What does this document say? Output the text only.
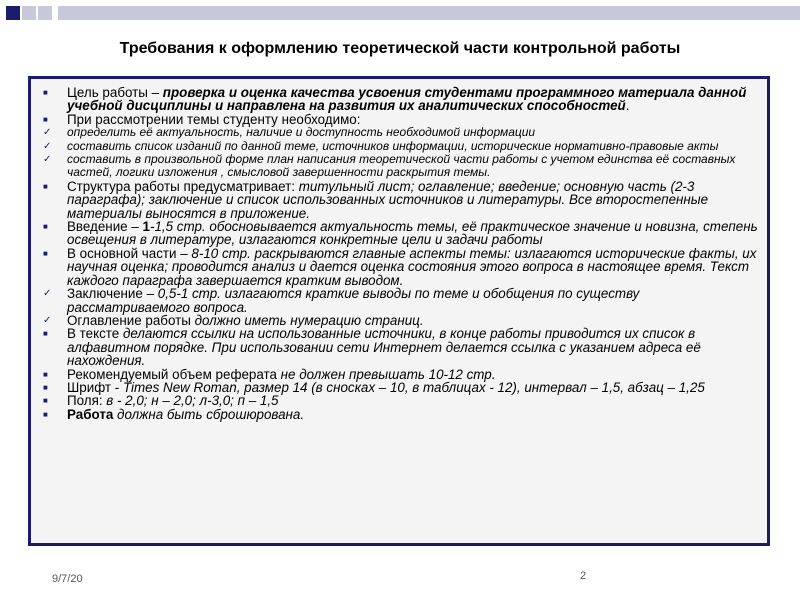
Требования к оформлению теоретической части контрольной работы
■
Цель работы – проверка и оценка качества усвоения студентами программного материала данной учебной дисциплины и направлена на развития их аналитических способностей.
■
При рассмотрении темы студенту необходимо:
✓
определить её актуальность, наличие и доступность необходимой информации
✓
составить список изданий по данной теме, источников информации, исторические нормативно-правовые акты
✓
составить в произвольной форме план написания теоретической части работы с учетом единства её составных частей, логики изложения , смысловой завершенности раскрытия темы.
■
Структура работы предусматривает: титульный лист; оглавление; введение; основную часть (2-3 параграфа); заключение и список использованных источников и литературы. Все второстепенные материалы выносятся в приложение.
■
Введение – 1-1,5 стр. обосновывается актуальность темы, её практическое значение и новизна, степень освещения в литературе, излагаются конкретные цели и задачи работы
■
В основной части – 8-10 стр. раскрываются главные аспекты темы: излагаются исторические факты, их научная оценка; проводится анализ и дается оценка состояния этого вопроса в настоящее время. Текст каждого параграфа завершается кратким выводом.
✓
Заключение – 0,5-1 стр. излагаются краткие выводы по теме и обобщения по существу рассматриваемого вопроса.
✓
Оглавление работы должно иметь нумерацию страниц.
■
В тексте делаются ссылки на использованные источники, в конце работы приводится их список в алфавитном порядке. При использовании сети Интернет делается ссылка с указанием адреса её нахождения.
■
Рекомендуемый объем реферата не должен превышать 10-12 стр.
■
Шрифт - Times New Roman, размер 14 (в сносках – 10, в таблицах - 12), интервал – 1,5, абзац – 1,25
■
Поля: в - 2,0; н – 2,0; л-3,0; п – 1,5
■
Работа должна быть сброшюрована.
9/7/20	2
